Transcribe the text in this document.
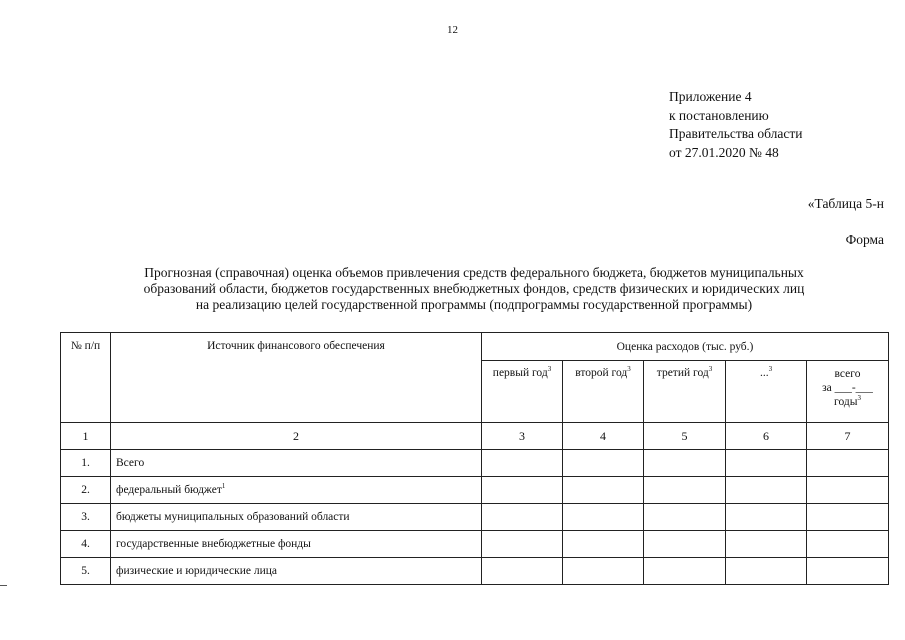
12
Приложение 4
к постановлению
Правительства области
от 27.01.2020 № 48
«Таблица 5-н
Форма
Прогнозная (справочная) оценка объемов привлечения средств федерального бюджета, бюджетов муниципальных
образований области, бюджетов государственных внебюджетных фондов, средств физических и юридических лиц
на реализацию целей государственной программы (подпрограммы государственной программы)
№ п/п	Источник финансового обеспечения	Оценка расходов (тыс. руб.)				
		первый год$^3$	второй год$^3$	третий год$^3$	...$^3$	всего
за ___-___
годы$^3$

1	2	3	4	5	6	7
1.	Всего					
2.	федеральный бюджет$^1$					
3.	бюджеты муниципальных образований области					
4.	государственные внебюджетные фонды					
5.	физические и юридические лица					
